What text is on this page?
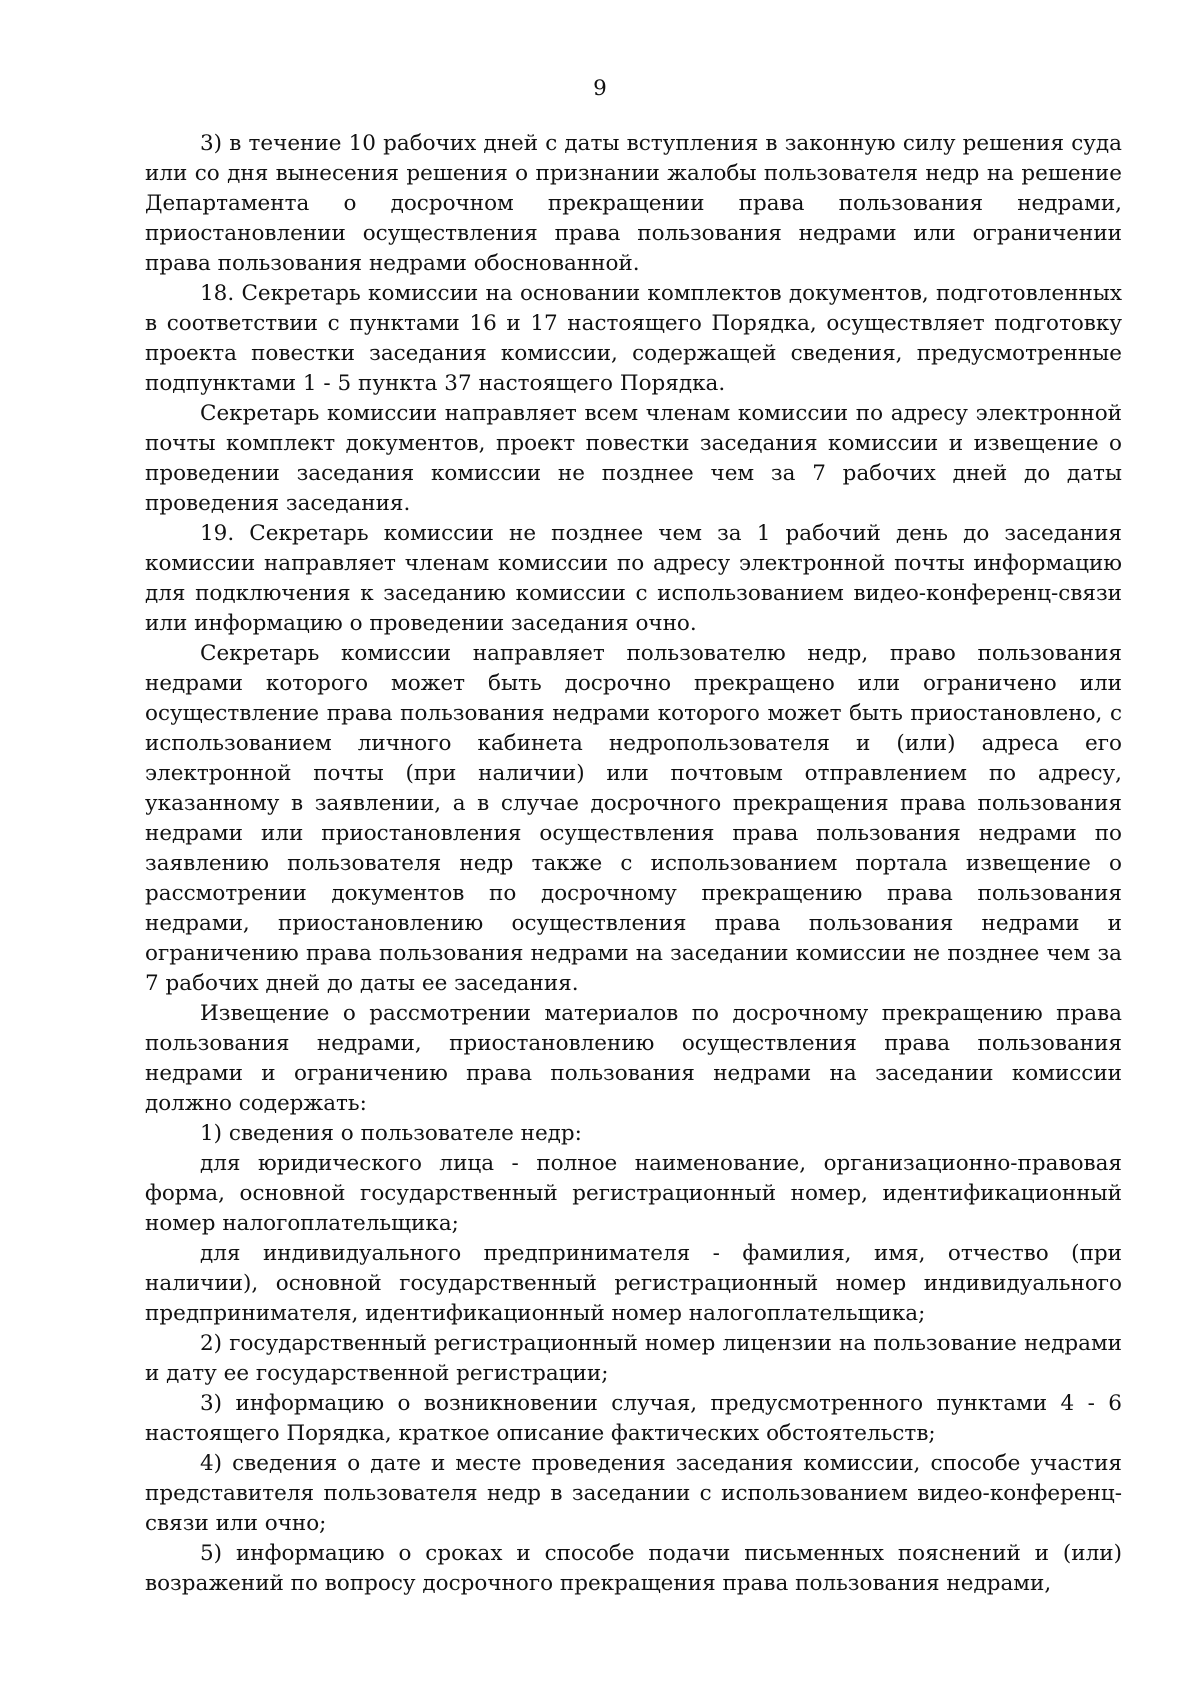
9

3) в течение 10 рабочих дней с даты вступления в законную силу решения суда или со дня вынесения решения о признании жалобы пользователя недр на решение Департамента о досрочном прекращении права пользования недрами, приостановлении осуществления права пользования недрами или ограничении права пользования недрами обоснованной.

18. Секретарь комиссии на основании комплектов документов, подготовленных в соответствии с пунктами 16 и 17 настоящего Порядка, осуществляет подготовку проекта повестки заседания комиссии, содержащей сведения, предусмотренные подпунктами 1 - 5 пункта 37 настоящего Порядка.

Секретарь комиссии направляет всем членам комиссии по адресу электронной почты комплект документов, проект повестки заседания комиссии и извещение о проведении заседания комиссии не позднее чем за 7 рабочих дней до даты проведения заседания.

19. Секретарь комиссии не позднее чем за 1 рабочий день до заседания комиссии направляет членам комиссии по адресу электронной почты информацию для подключения к заседанию комиссии с использованием видео-конференц-связи или информацию о проведении заседания очно.

Секретарь комиссии направляет пользователю недр, право пользования недрами которого может быть досрочно прекращено или ограничено или осуществление права пользования недрами которого может быть приостановлено, с использованием личного кабинета недропользователя и (или) адреса его электронной почты (при наличии) или почтовым отправлением по адресу, указанному в заявлении, а в случае досрочного прекращения права пользования недрами или приостановления осуществления права пользования недрами по заявлению пользователя недр также с использованием портала извещение о рассмотрении документов по досрочному прекращению права пользования недрами, приостановлению осуществления права пользования недрами и ограничению права пользования недрами на заседании комиссии не позднее чем за 7 рабочих дней до даты ее заседания.

Извещение о рассмотрении материалов по досрочному прекращению права пользования недрами, приостановлению осуществления права пользования недрами и ограничению права пользования недрами на заседании комиссии должно содержать:

1) сведения о пользователе недр:

для юридического лица - полное наименование, организационно-правовая форма, основной государственный регистрационный номер, идентификационный номер налогоплательщика;

для индивидуального предпринимателя - фамилия, имя, отчество (при наличии), основной государственный регистрационный номер индивидуального предпринимателя, идентификационный номер налогоплательщика;

2) государственный регистрационный номер лицензии на пользование недрами и дату ее государственной регистрации;

3) информацию о возникновении случая, предусмотренного пунктами 4 - 6 настоящего Порядка, краткое описание фактических обстоятельств;

4) сведения о дате и месте проведения заседания комиссии, способе участия представителя пользователя недр в заседании с использованием видео-конференц-связи или очно;

5) информацию о сроках и способе подачи письменных пояснений и (или) возражений по вопросу досрочного прекращения права пользования недрами,
